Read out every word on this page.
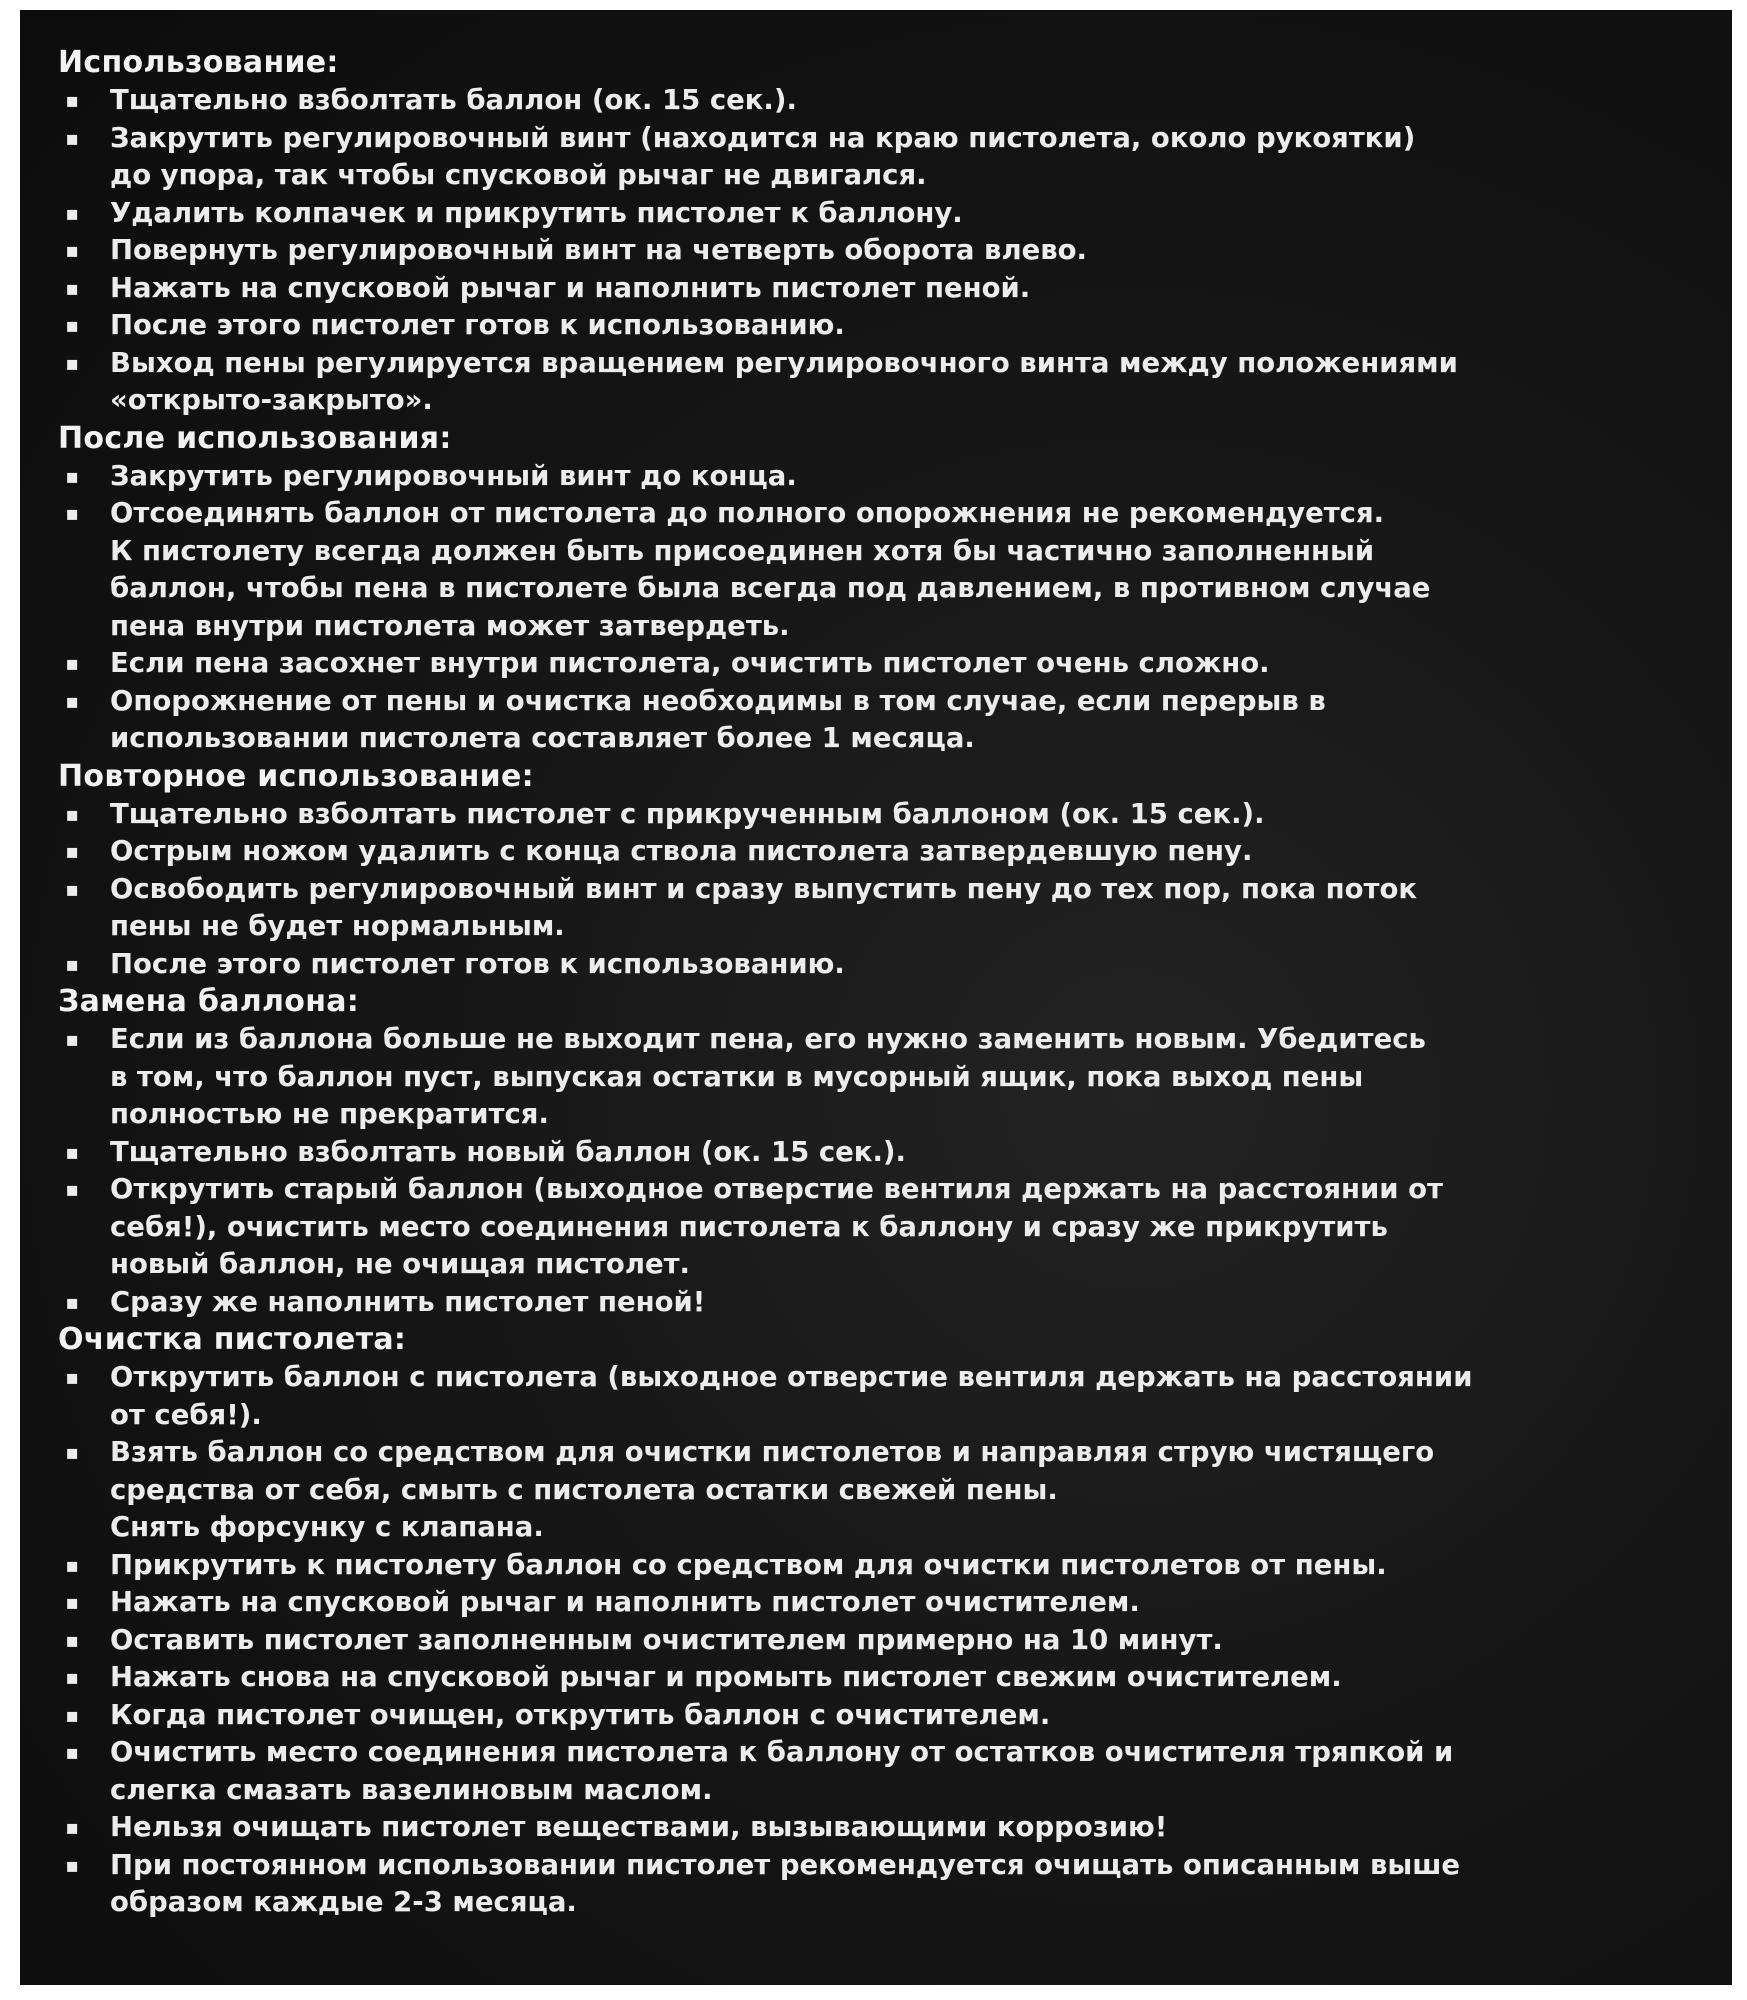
Использование:
▪ Тщательно взболтать баллон (ок. 15 сек.).
▪ Закрутить регулировочный винт (находится на краю пистолета, около рукоятки)
до упора, так чтобы спусковой рычаг не двигался.
▪ Удалить колпачек и прикрутить пистолет к баллону.
▪ Повернуть регулировочный винт на четверть оборота влево.
▪ Нажать на спусковой рычаг и наполнить пистолет пеной.
▪ После этого пистолет готов к использованию.
▪ Выход пены регулируется вращением регулировочного винта между положениями
«открыто-закрыто».
После использования:
▪ Закрутить регулировочный винт до конца.
▪ Отсоединять баллон от пистолета до полного опорожнения не рекомендуется.
К пистолету всегда должен быть присоединен хотя бы частично заполненный
баллон, чтобы пена в пистолете была всегда под давлением, в противном случае
пена внутри пистолета может затвердеть.
▪ Если пена засохнет внутри пистолета, очистить пистолет очень сложно.
▪ Опорожнение от пены и очистка необходимы в том случае, если перерыв в
использовании пистолета составляет более 1 месяца.
Повторное использование:
▪ Тщательно взболтать пистолет с прикрученным баллоном (ок. 15 сек.).
▪ Острым ножом удалить с конца ствола пистолета затвердевшую пену.
▪ Освободить регулировочный винт и сразу выпустить пену до тех пор, пока поток
пены не будет нормальным.
▪ После этого пистолет готов к использованию.
Замена баллона:
▪ Если из баллона больше не выходит пена, его нужно заменить новым. Убедитесь
в том, что баллон пуст, выпуская остатки в мусорный ящик, пока выход пены
полностью не прекратится.
▪ Тщательно взболтать новый баллон (ок. 15 сек.).
▪ Открутить старый баллон (выходное отверстие вентиля держать на расстоянии от
себя!), очистить место соединения пистолета к баллону и сразу же прикрутить
новый баллон, не очищая пистолет.
▪ Сразу же наполнить пистолет пеной!
Очистка пистолета:
▪ Открутить баллон с пистолета (выходное отверстие вентиля держать на расстоянии
от себя!).
▪ Взять баллон со средством для очистки пистолетов и направляя струю чистящего
средства от себя, смыть с пистолета остатки свежей пены.
Снять форсунку с клапана.
▪ Прикрутить к пистолету баллон со средством для очистки пистолетов от пены.
▪ Нажать на спусковой рычаг и наполнить пистолет очистителем.
▪ Оставить пистолет заполненным очистителем примерно на 10 минут.
▪ Нажать снова на спусковой рычаг и промыть пистолет свежим очистителем.
▪ Когда пистолет очищен, открутить баллон с очистителем.
▪ Очистить место соединения пистолета к баллону от остатков очистителя тряпкой и
слегка смазать вазелиновым маслом.
▪ Нельзя очищать пистолет веществами, вызывающими коррозию!
▪ При постоянном использовании пистолет рекомендуется очищать описанным выше
образом каждые 2-3 месяца.
